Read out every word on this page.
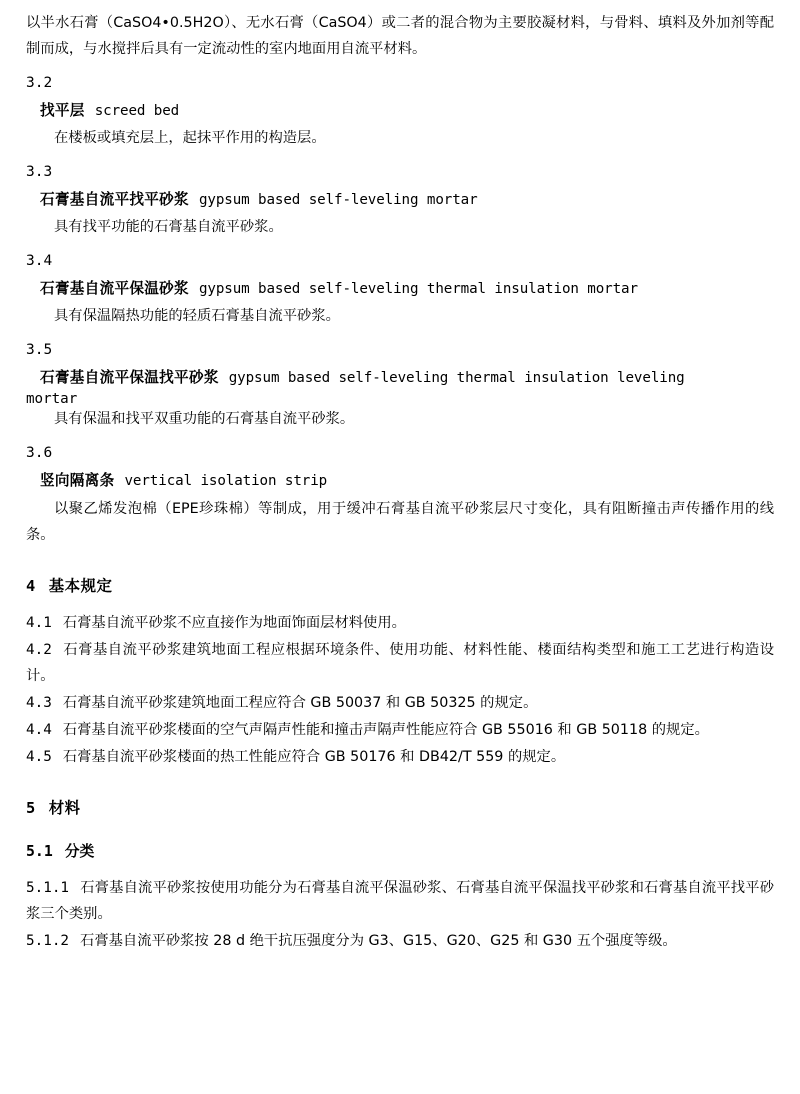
以半水石膏（CaSO4•0.5H2O）、无水石膏（CaSO4）或二者的混合物为主要胶凝材料，与骨料、填料及外加剂等配制而成，与水搅拌后具有一定流动性的室内地面用自流平材料。

3.2
找平层 screed bed
在楼板或填充层上，起抹平作用的构造层。
3.3
石膏基自流平找平砂浆 gypsum based self-leveling mortar
具有找平功能的石膏基自流平砂浆。
3.4
石膏基自流平保温砂浆 gypsum based self-leveling thermal insulation mortar
具有保温隔热功能的轻质石膏基自流平砂浆。
3.5
石膏基自流平保温找平砂浆 gypsum based self-leveling thermal insulation leveling
mortar
具有保温和找平双重功能的石膏基自流平砂浆。
3.6
竖向隔离条 vertical isolation strip

以聚乙烯发泡棉（EPE珍珠棉）等制成，用于缓冲石膏基自流平砂浆层尺寸变化，具有阻断撞击声传播作用的线条。

4 基本规定

4.1 石膏基自流平砂浆不应直接作为地面饰面层材料使用。

4.2 石膏基自流平砂浆建筑地面工程应根据环境条件、使用功能、材料性能、楼面结构类型和施工工艺进行构造设计。

4.3 石膏基自流平砂浆建筑地面工程应符合 GB 50037 和 GB 50325 的规定。

4.4 石膏基自流平砂浆楼面的空气声隔声性能和撞击声隔声性能应符合 GB 55016 和 GB 50118 的规定。

4.5 石膏基自流平砂浆楼面的热工性能应符合 GB 50176 和 DB42/T 559 的规定。

5 材料
5.1 分类

5.1.1 石膏基自流平砂浆按使用功能分为石膏基自流平保温砂浆、石膏基自流平保温找平砂浆和石膏基自流平找平砂浆三个类别。

5.1.2 石膏基自流平砂浆按 28 d 绝干抗压强度分为 G3、G15、G20、G25 和 G30 五个强度等级。
